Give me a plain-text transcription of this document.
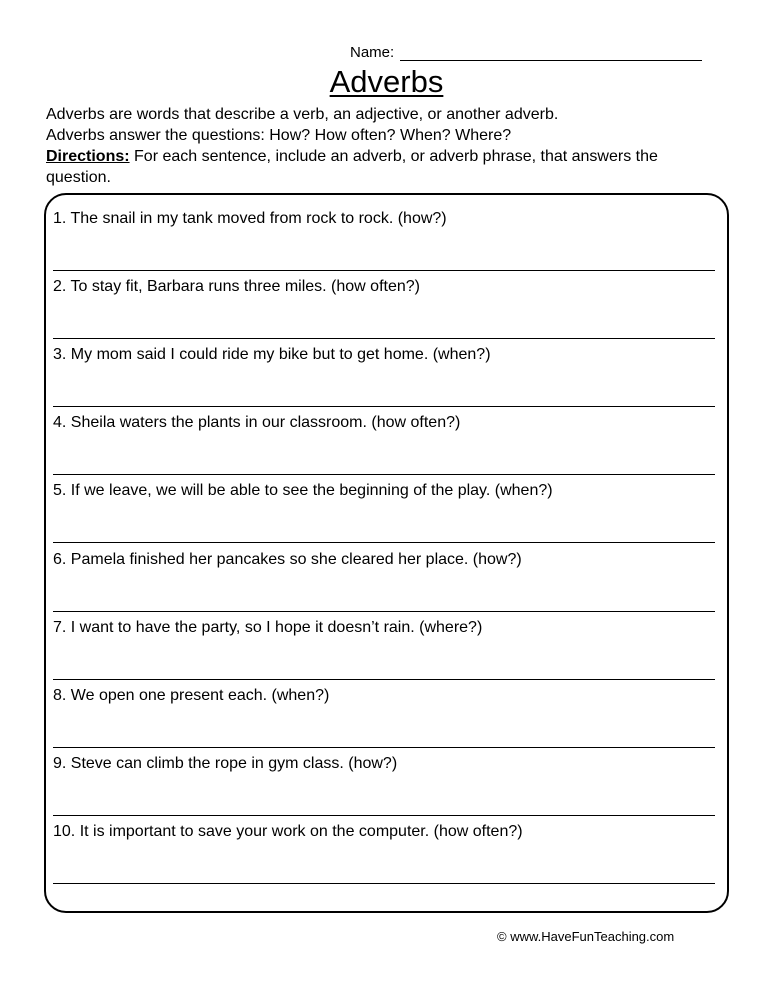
Name:
Adverbs

Adverbs are words that describe a verb, an adjective, or another adverb.

Adverbs answer the questions: How? How often? When? Where?

Directions: For each sentence, include an adverb, or adverb phrase, that answers the question.

1. The snail in my tank moved from rock to rock. (how?)
2. To stay fit, Barbara runs three miles. (how often?)
3. My mom said I could ride my bike but to get home. (when?)
4. Sheila waters the plants in our classroom. (how often?)
5. If we leave, we will be able to see the beginning of the play. (when?)
6. Pamela finished her pancakes so she cleared her place. (how?)
7. I want to have the party, so I hope it doesn’t rain. (where?)
8. We open one present each. (when?)
9. Steve can climb the rope in gym class. (how?)
10. It is important to save your work on the computer. (how often?)
© www.HaveFunTeaching.com
